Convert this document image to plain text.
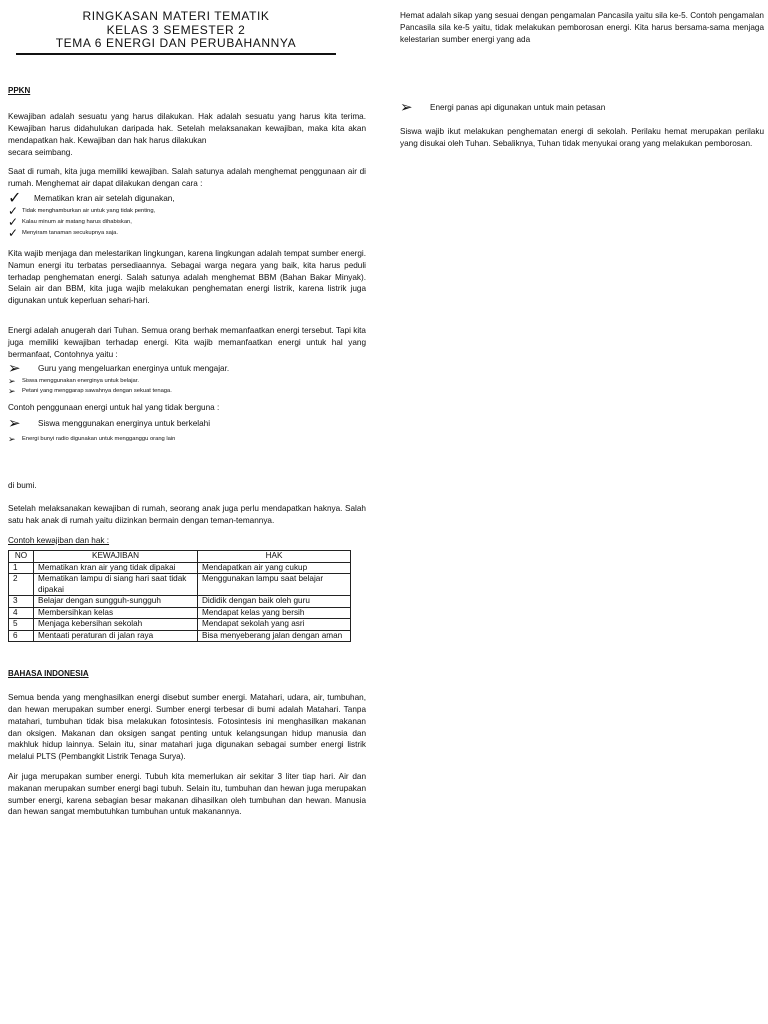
RINGKASAN MATERI TEMATIK

KELAS 3 SEMESTER 2

TEMA 6 ENERGI DAN PERUBAHANNYA

PPKN

Kewajiban adalah sesuatu yang harus dilakukan. Hak adalah sesuatu yang harus kita terima. Kewajiban harus didahulukan daripada hak. Setelah melaksanakan kewajiban, maka kita akan mendapatkan hak. Kewajiban dan hak harus dilakukan

secara seimbang.

Saat di rumah, kita juga memiliki kewajiban. Salah satunya adalah menghemat penggunaan air di rumah. Menghemat air dapat dilakukan dengan cara :

✓	Mematikan kran air setelah digunakan,
✓ Tidak menghamburkan air untuk yang tidak penting,
✓ Kalau minum air matang harus dihabiskan,
✓ Menyiram tanaman secukupnya saja.

Kita wajib menjaga dan melestarikan lingkungan, karena lingkungan adalah tempat sumber energi. Namun energi itu terbatas persediaannya. Sebagai warga negara yang baik, kita harus peduli terhadap penghematan energi. Salah satunya adalah menghemat BBM (Bahan Bakar Minyak). Selain air dan BBM, kita juga wajib melakukan penghematan energi listrik, karena listrik juga digunakan untuk keperluan sehari-hari.

Energi adalah anugerah dari Tuhan. Semua orang berhak memanfaatkan energi tersebut. Tapi kita juga memiliki kewajiban terhadap energi. Kita wajib memanfaatkan energi untuk hal yang bermanfaat, Contohnya yaitu :

➢	Guru yang mengeluarkan energinya untuk mengajar.
➢	Siswa menggunakan energinya untuk belajar.
➢	Petani yang menggarap sawahnya dengan sekuat tenaga.

Contoh penggunaan energi untuk hal yang tidak berguna :

➢	Siswa menggunakan energinya untuk berkelahi
➢	Energi bunyi radio digunakan untuk mengganggu orang lain

di bumi.

Setelah melaksanakan kewajiban di rumah, seorang anak juga perlu mendapatkan haknya. Salah satu hak anak di rumah yaitu diizinkan bermain dengan teman-temannya.

Contoh kewajiban dan hak :

NO	KEWAJIBAN	HAK
1	Mematikan kran air yang tidak dipakai	Mendapatkan air yang cukup
2	Mematikan lampu di siang hari saat tidak dipakai	Menggunakan lampu saat belajar
3	Belajar dengan sungguh-sungguh	Dididik dengan baik oleh guru
4	Membersihkan kelas	Mendapat kelas yang bersih
5	Menjaga kebersihan sekolah	Mendapat sekolah yang asri
6	Mentaati peraturan di jalan raya	Bisa menyeberang jalan dengan aman

BAHASA INDONESIA

Semua benda yang menghasilkan energi disebut sumber energi. Matahari, udara, air, tumbuhan, dan hewan merupakan sumber energi. Sumber energi terbesar di bumi adalah Matahari. Tanpa matahari, tumbuhan tidak bisa melakukan fotosintesis. Fotosintesis ini menghasilkan makanan dan oksigen. Makanan dan oksigen sangat penting untuk kelangsungan hidup manusia dan makhluk hidup lainnya. Selain itu, sinar matahari juga digunakan sebagai sumber energi listrik melalui PLTS (Pembangkit Listrik Tenaga Surya).

Air juga merupakan sumber energi. Tubuh kita memerlukan air sekitar 3 liter tiap hari. Air dan makanan merupakan sumber energi bagi tubuh. Selain itu, tumbuhan dan hewan juga merupakan sumber energi, karena sebagian besar makanan dihasilkan oleh tumbuhan dan hewan. Manusia dan hewan sangat membutuhkan tumbuhan untuk makanannya.

Hemat adalah sikap yang sesuai dengan pengamalan Pancasila yaitu sila ke-5. Contoh pengamalan Pancasila sila ke-5 yaitu, tidak melakukan pemborosan energi. Kita harus bersama-sama menjaga kelestarian sumber energi yang ada

➢	Energi panas api digunakan untuk main petasan

Siswa wajib ikut melakukan penghematan energi di sekolah. Perilaku hemat merupakan perilaku yang disukai oleh Tuhan. Sebaliknya, Tuhan tidak menyukai orang yang melakukan pemborosan.
